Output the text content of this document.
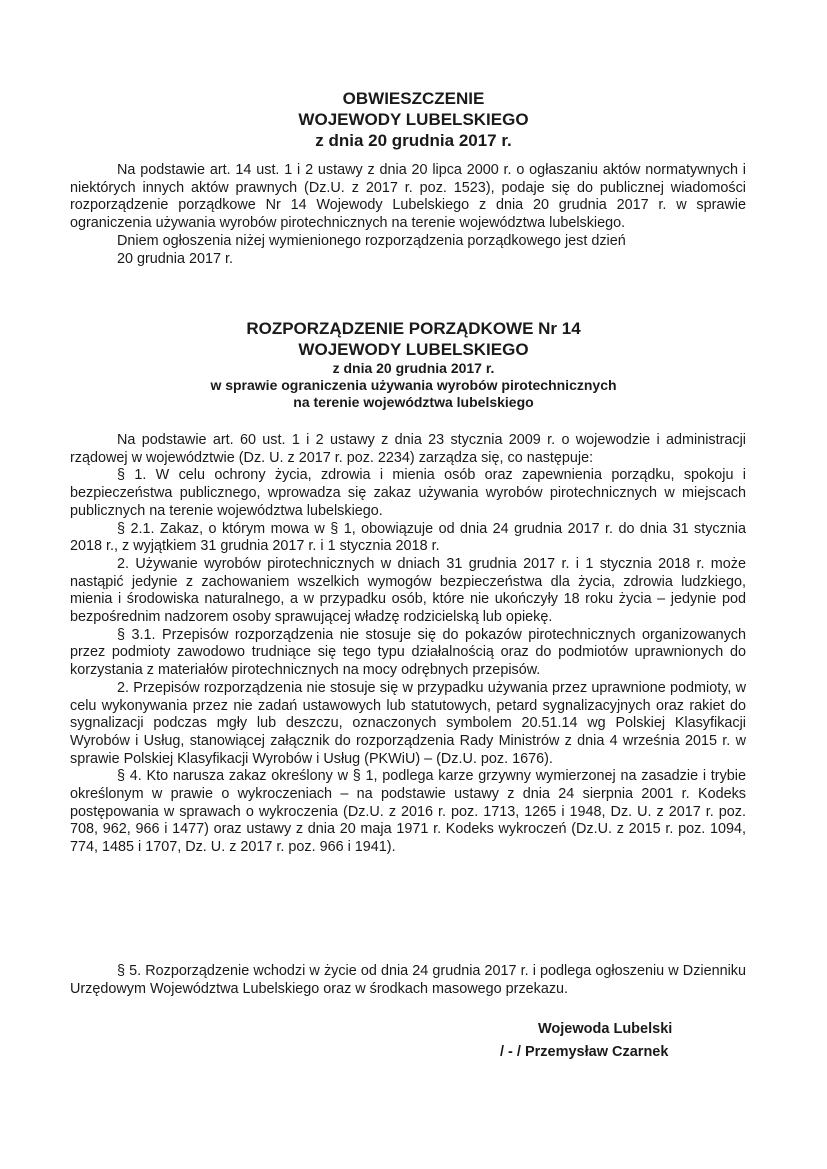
OBWIESZCZENIE
WOJEWODY LUBELSKIEGO
z dnia 20 grudnia 2017 r.

Na podstawie art. 14 ust. 1 i 2 ustawy z dnia 20 lipca 2000 r. o ogłaszaniu aktów normatywnych i niektórych innych aktów prawnych (Dz.U. z 2017 r. poz. 1523), podaje się do publicznej wiadomości rozporządzenie porządkowe Nr 14 Wojewody Lubelskiego z dnia 20 grudnia 2017 r. w sprawie ograniczenia używania wyrobów pirotechnicznych na terenie województwa lubelskiego.

Dniem ogłoszenia niżej wymienionego rozporządzenia porządkowego jest dzień
20 grudnia 2017 r.

ROZPORZĄDZENIE PORZĄDKOWE Nr 14
WOJEWODY LUBELSKIEGO
z dnia 20 grudnia 2017 r.
w sprawie ograniczenia używania wyrobów pirotechnicznych
na terenie województwa lubelskiego

Na podstawie art. 60 ust. 1 i 2 ustawy z dnia 23 stycznia 2009 r. o wojewodzie i administracji rządowej w województwie (Dz. U. z 2017 r. poz. 2234) zarządza się, co następuje:

§ 1. W celu ochrony życia, zdrowia i mienia osób oraz zapewnienia porządku, spokoju i bezpieczeństwa publicznego, wprowadza się zakaz używania wyrobów pirotechnicznych w miejscach publicznych na terenie województwa lubelskiego.

§ 2.1. Zakaz, o którym mowa w § 1, obowiązuje od dnia 24 grudnia 2017 r. do dnia 31 stycznia 2018 r., z wyjątkiem 31 grudnia 2017 r. i 1 stycznia 2018 r.

2. Używanie wyrobów pirotechnicznych w dniach 31 grudnia 2017 r. i 1 stycznia 2018 r. może nastąpić jedynie z zachowaniem wszelkich wymogów bezpieczeństwa dla życia, zdrowia ludzkiego, mienia i środowiska naturalnego, a w przypadku osób, które nie ukończyły 18 roku życia – jedynie pod bezpośrednim nadzorem osoby sprawującej władzę rodzicielską lub opiekę.

§ 3.1. Przepisów rozporządzenia nie stosuje się do pokazów pirotechnicznych organizowanych przez podmioty zawodowo trudniące się tego typu działalnością oraz do podmiotów uprawnionych do korzystania z materiałów pirotechnicznych na mocy odrębnych przepisów.

2. Przepisów rozporządzenia nie stosuje się w przypadku używania przez uprawnione podmioty, w celu wykonywania przez nie zadań ustawowych lub statutowych, petard sygnalizacyjnych oraz rakiet do sygnalizacji podczas mgły lub deszczu, oznaczonych symbolem 20.51.14 wg Polskiej Klasyfikacji Wyrobów i Usług, stanowiącej załącznik do rozporządzenia Rady Ministrów z dnia 4 września 2015 r. w sprawie Polskiej Klasyfikacji Wyrobów i Usług (PKWiU) – (Dz.U. poz. 1676).

§ 4. Kto narusza zakaz określony w § 1, podlega karze grzywny wymierzonej na zasadzie i trybie określonym w prawie o wykroczeniach – na podstawie ustawy z dnia 24 sierpnia 2001 r. Kodeks postępowania w sprawach o wykroczenia (Dz.U. z 2016 r. poz. 1713, 1265 i 1948, Dz. U. z 2017 r. poz. 708, 962, 966 i 1477) oraz ustawy z dnia 20 maja 1971 r. Kodeks wykroczeń (Dz.U. z 2015 r. poz. 1094, 774, 1485 i 1707, Dz. U. z 2017 r. poz. 966 i 1941).

§ 5. Rozporządzenie wchodzi w życie od dnia 24 grudnia 2017 r. i podlega ogłoszeniu w Dzienniku Urzędowym Województwa Lubelskiego oraz w środkach masowego przekazu.

Wojewoda Lubelski
/ - / Przemysław Czarnek
